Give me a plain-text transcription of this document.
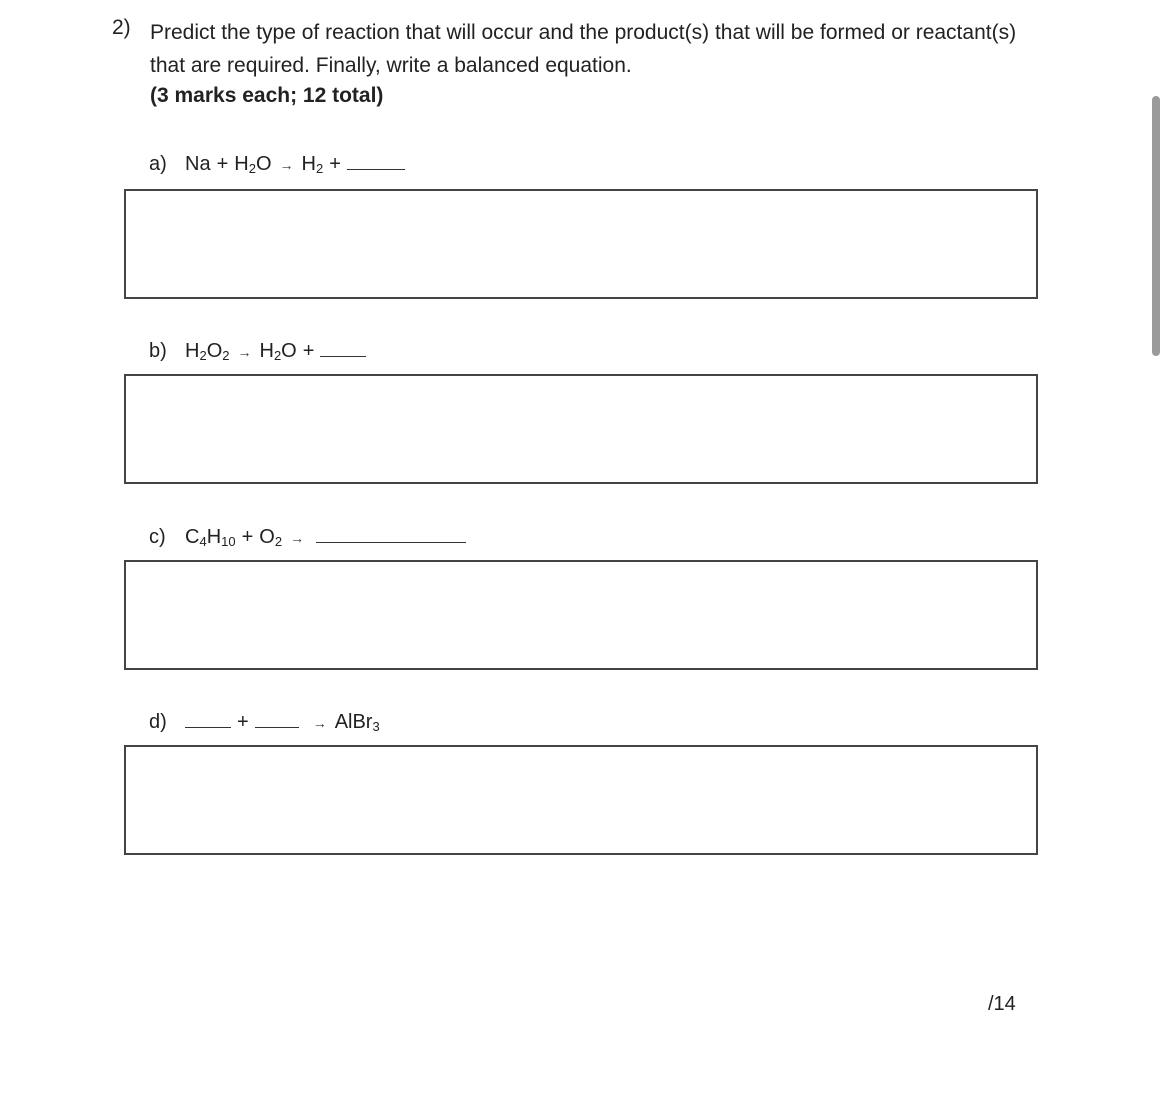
2) Predict the type of reaction that will occur and the product(s) that will be formed or reactant(s) that are required. Finally, write a balanced equation.
(3 marks each; 12 total)
a) $Na + H_2O \to H_2$ +
b) $H_2O_2 \to H_2O$ +
c) $C_4H_{10} + O_2$ →
d)	+	→ AlBr$_3$
/14
